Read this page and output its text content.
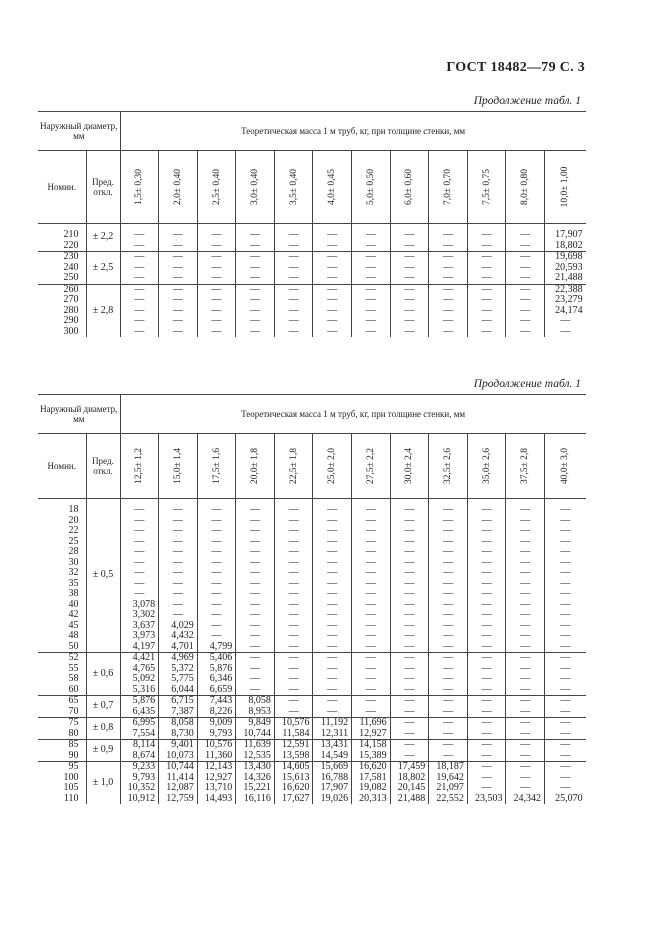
ГОСТ 18482—79 С. 3
Продолжение табл. 1
Наружный диаметр, мм		Теоретическая масса 1 м труб, кг, при толщине стенки, мм											
Номин.	Пред. откл.	1,5± 0,30	2,0± 0,40	2,5± 0,40	3,0± 0,40	3,5± 0,40	4,0± 0,45	5,0± 0,50	6,0± 0,60	7,0± 0,70	7,5± 0,75	8,0± 0,80	10,0± 1,00

210	± 2,2	—	—	—	—	—	—	—	—	—	—	—	17,907
220		—	—	—	—	—	—	—	—	—	—	—	18,802
230	± 2,5	—	—	—	—	—	—	—	—	—	—	—	19,698
240		—	—	—	—	—	—	—	—	—	—	—	20,593
250		—	—	—	—	—	—	—	—	—	—	—	21,488
260	± 2,8	—	—	—	—	—	—	—	—	—	—	—	22,388
270		—	—	—	—	—	—	—	—	—	—	—	23,279
280		—	—	—	—	—	—	—	—	—	—	—	24,174
290		—	—	—	—	—	—	—	—	—	—	—	—
300		—	—	—	—	—	—	—	—	—	—	—	—
Продолжение табл. 1
Наружный диаметр, мм		Теоретическая масса 1 м труб, кг, при толщине стенки, мм											
Номин.	Пред. откл.	12,5± 1,2	15,0± 1,4	17,5± 1,6	20,0± 1,8	22,5± 1,8	25,0± 2,0	27,5± 2,2	30,0± 2,4	32,5± 2,6	35,0± 2,6	37,5± 2,8	40,0± 3,0

18	± 0,5	—	—	—	—	—	—	—	—	—	—	—	—
20		—	—	—	—	—	—	—	—	—	—	—	—
22		—	—	—	—	—	—	—	—	—	—	—	—
25		—	—	—	—	—	—	—	—	—	—	—	—
28		—	—	—	—	—	—	—	—	—	—	—	—
30		—	—	—	—	—	—	—	—	—	—	—	—
32		—	—	—	—	—	—	—	—	—	—	—	—
35		—	—	—	—	—	—	—	—	—	—	—	—
38		—	—	—	—	—	—	—	—	—	—	—	—
40		3,078	—	—	—	—	—	—	—	—	—	—	—
42		3,302	—	—	—	—	—	—	—	—	—	—	—
45		3,637	4,029	—	—	—	—	—	—	—	—	—	—
48		3,973	4,432	—	—	—	—	—	—	—	—	—	—
50		4,197	4,701	4,799	—	—	—	—	—	—	—	—	—
52	± 0,6	4,421	4,969	5,406	—	—	—	—	—	—	—	—	—
55		4,765	5,372	5,876	—	—	—	—	—	—	—	—	—
58		5,092	5,775	6,346	—	—	—	—	—	—	—	—	—
60		5,316	6,044	6,659	—	—	—	—	—	—	—	—	—
65	± 0,7	5,876	6,715	7,443	8,058	—	—	—	—	—	—	—	—
70		6,435	7,387	8,226	8,953	—	—	—	—	—	—	—	—
75	± 0,8	6,995	8,058	9,009	9,849	10,576	11,192	11,696	—	—	—	—	—
80		7,554	8,730	9,793	10,744	11,584	12,311	12,927	—	—	—	—	—
85	± 0,9	8,114	9,401	10,576	11,639	12,591	13,431	14,158	—	—	—	—	—
90		8,674	10,073	11,360	12,535	13,598	14,549	15,389	—	—	—	—	—
95	± 1,0	9,233	10,744	12,143	13,430	14,605	15,669	16,620	17,459	18,187	—	—	—
100		9,793	11,414	12,927	14,326	15,613	16,788	17,581	18,802	19,642	—	—	—
105		10,352	12,087	13,710	15,221	16,620	17,907	19,082	20,145	21,097	—	—	—
110		10,912	12,759	14,493	16,116	17,627	19,026	20,313	21,488	22,552	23,503	24,342	25,070
